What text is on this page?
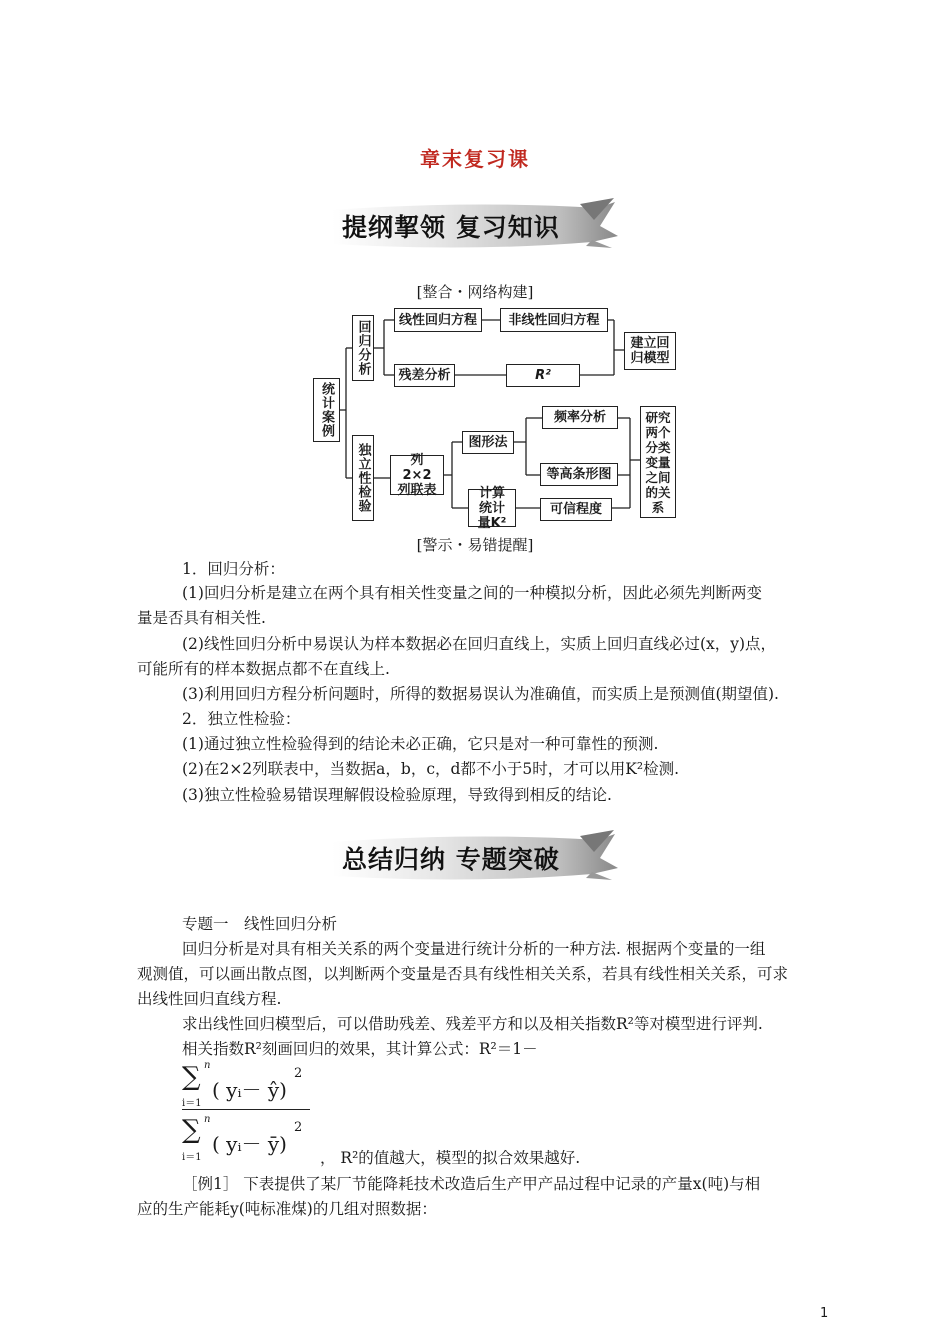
章末复习课
提纲挈领 复习知识
[整合・网络构建]
统计案例
回归分析
独立性检验
线性回归方程	非线性回归方程
残差分析	R²
建立回归模型
列2×2列联表
图形法
频率分析
等高条形图
计算统计量K²
可信程度
研究两个分类变量之间的关系
[警示・易错提醒]
1．回归分析：
(1)回归分析是建立在两个具有相关性变量之间的一种模拟分析，因此必须先判断两变
量是否具有相关性.
(2)线性回归分析中易误认为样本数据必在回归直线上，实质上回归直线必过(x，y)点，
可能所有的样本数据点都不在直线上.
(3)利用回归方程分析问题时，所得的数据易误认为准确值，而实质上是预测值(期望值).
2．独立性检验：
(1)通过独立性检验得到的结论未必正确，它只是对一种可靠性的预测.
(2)在2×2列联表中，当数据a，b，c，d都不小于5时，才可以用K²检测.
(3)独立性检验易错误理解假设检验原理，导致得到相反的结论.
总结归纳 专题突破
专题一　线性回归分析
回归分析是对具有相关关系的两个变量进行统计分析的一种方法. 根据两个变量的一组
观测值，可以画出散点图，以判断两个变量是否具有线性相关关系，若具有线性相关关系，可求
出线性回归直线方程.
求出线性回归模型后，可以借助残差、残差平方和以及相关指数R²等对模型进行评判.
相关指数R²刻画回归的效果，其计算公式：R²＝1－
∑ n
i＝1
( yᵢ－ ŷ)
2
∑ n
i＝1
( yᵢ－ ȳ)
2
， R²的值越大，模型的拟合效果越好.
［例1］ 下表提供了某厂节能降耗技术改造后生产甲产品过程中记录的产量x(吨)与相
应的生产能耗y(吨标准煤)的几组对照数据：
1
